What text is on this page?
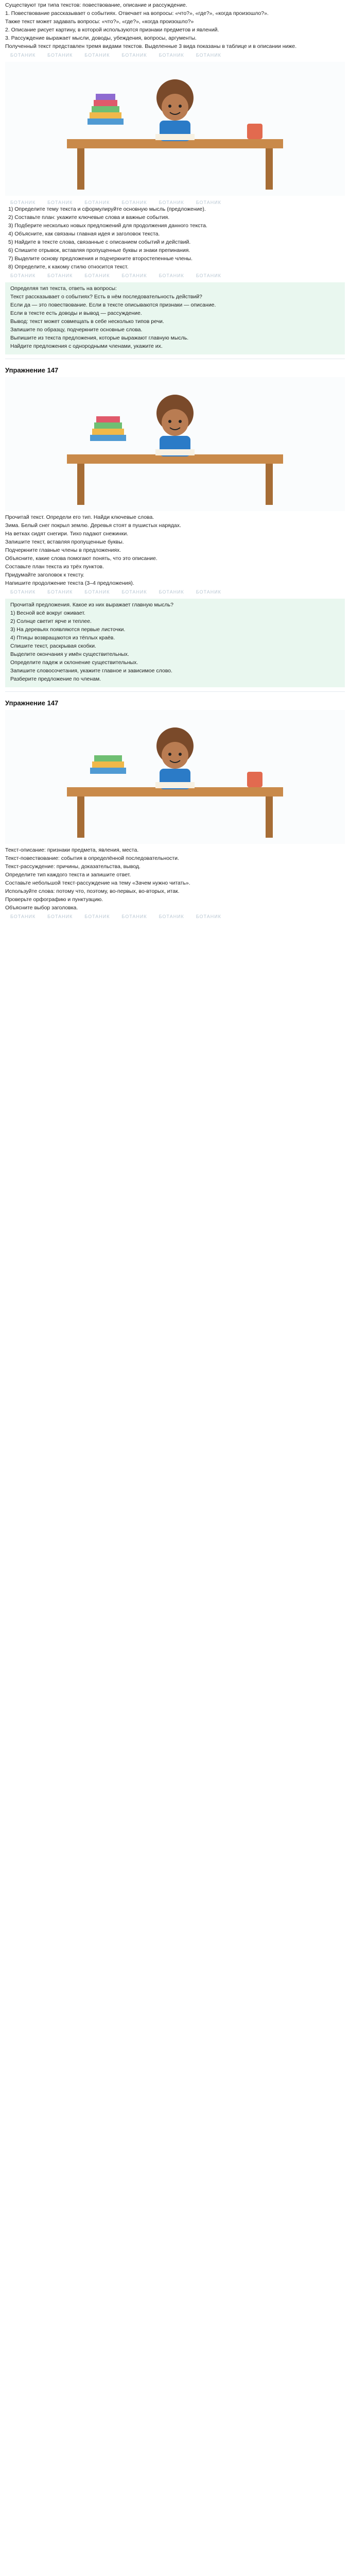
Существуют три типа текстов: повествование, описание и рассуждение.
1. Повествование рассказывает о событиях. Отвечает на вопросы: «что?», «где?», «когда произошло?».
Также текст может задавать вопросы: «что?», «где?», «когда произошло?»
2. Описание рисует картину, в которой используются признаки предметов и явлений.
3. Рассуждение выражает мысли, доводы, убеждения, вопросы, аргументы.
Полученный текст представлен тремя видами текстов. Выделенные 3 вида показаны в таблице и в описании ниже.
БОТАНИК	БОТАНИК	БОТАНИК	БОТАНИК	БОТАНИК	БОТАНИК
БОТАНИК	БОТАНИК	БОТАНИК	БОТАНИК	БОТАНИК	БОТАНИК
1) Определите тему текста и сформулируйте основную мысль (предложение).
2) Составьте план: укажите ключевые слова и важные события.
3) Подберите несколько новых предложений для продолжения данного текста.
4) Объясните, как связаны главная идея и заголовок текста.
5) Найдите в тексте слова, связанные с описанием событий и действий.
6) Спишите отрывок, вставляя пропущенные буквы и знаки препинания.
7) Выделите основу предложения и подчеркните второстепенные члены.
8) Определите, к какому стилю относится текст.
БОТАНИК	БОТАНИК	БОТАНИК	БОТАНИК	БОТАНИК	БОТАНИК
Определяя тип текста, ответь на вопросы:
Текст рассказывает о событиях? Есть в нём последовательность действий?
Если да — это повествование. Если в тексте описываются признаки — описание.
Если в тексте есть доводы и вывод — рассуждение.
Вывод: текст может совмещать в себе несколько типов речи.
Запишите по образцу, подчеркните основные слова.
Выпишите из текста предложения, которые выражают главную мысль.
Найдите предложения с однородными членами, укажите их.
Упражнение 147
Прочитай текст. Определи его тип. Найди ключевые слова.
Зима. Белый снег покрыл землю. Деревья стоят в пушистых нарядах.
На ветках сидят снегири. Тихо падают снежинки.
Запишите текст, вставляя пропущенные буквы.
Подчеркните главные члены в предложениях.
Объясните, какие слова помогают понять, что это описание.
Составьте план текста из трёх пунктов.
Придумайте заголовок к тексту.
Напишите продолжение текста (3–4 предложения).
БОТАНИК	БОТАНИК	БОТАНИК	БОТАНИК	БОТАНИК	БОТАНИК
Прочитай предложения. Какое из них выражает главную мысль?
1) Весной всё вокруг оживает.
2) Солнце светит ярче и теплее.
3) На деревьях появляются первые листочки.
4) Птицы возвращаются из тёплых краёв.
Спишите текст, раскрывая скобки.
Выделите окончания у имён существительных.
Определите падеж и склонение существительных.
Запишите словосочетания, укажите главное и зависимое слово.
Разберите предложение по членам.
Упражнение 147
Текст-описание: признаки предмета, явления, места.
Текст-повествование: события в определённой последовательности.
Текст-рассуждение: причины, доказательства, вывод.
Определите тип каждого текста и запишите ответ.
Составьте небольшой текст-рассуждение на тему «Зачем нужно читать».
Используйте слова: потому что, поэтому, во-первых, во-вторых, итак.
Проверьте орфографию и пунктуацию.
Объясните выбор заголовка.
БОТАНИК	БОТАНИК	БОТАНИК	БОТАНИК	БОТАНИК	БОТАНИК
